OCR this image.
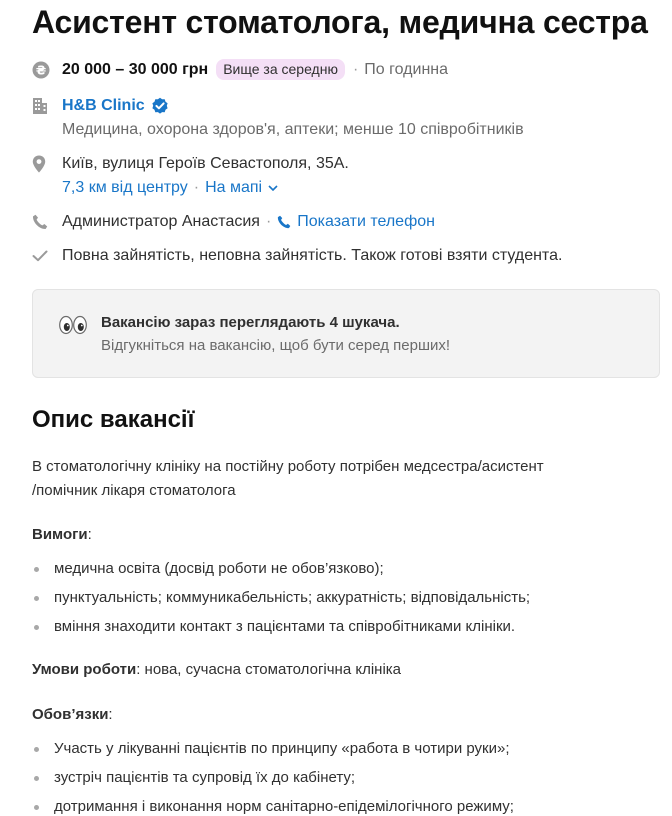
Асистент стоматолога, медична сестра
₴ 20 000 – 30 000 грн	Вище за середню · По годинна
H&B Clinic
Медицина, охорона здоров'я, аптеки; менше 10 співробітників
Київ, вулиця Героїв Севастополя, 35А.
7,3 км від центру · На мапі
Администратор Анастасия · Показати телефон
Повна зайнятість, неповна зайнятість. Також готові взяти студента.
Вакансію зараз переглядають 4 шукача.
Відгукніться на вакансію, щоб бути серед перших!
Опис вакансії
В стоматологічну клініку на постійну роботу потрібен медсестра/асистент
/помічник лікаря стоматолога
Вимоги:
медична освіта (досвід роботи не обов’язково);
пунктуальність; коммуникабельність; аккуратність; відповідальність;
вміння знаходити контакт з пацієнтами та співробітниками клініки.
Умови роботи: нова, сучасна стоматологічна клініка
Обов’язки:
Участь у лікуванні пацієнтів по принципу «работа в чотири руки»;
зустріч пацієнтів та супровід їх до кабінету;
дотримання і виконання норм санітарно-епідемілогічного режиму;
